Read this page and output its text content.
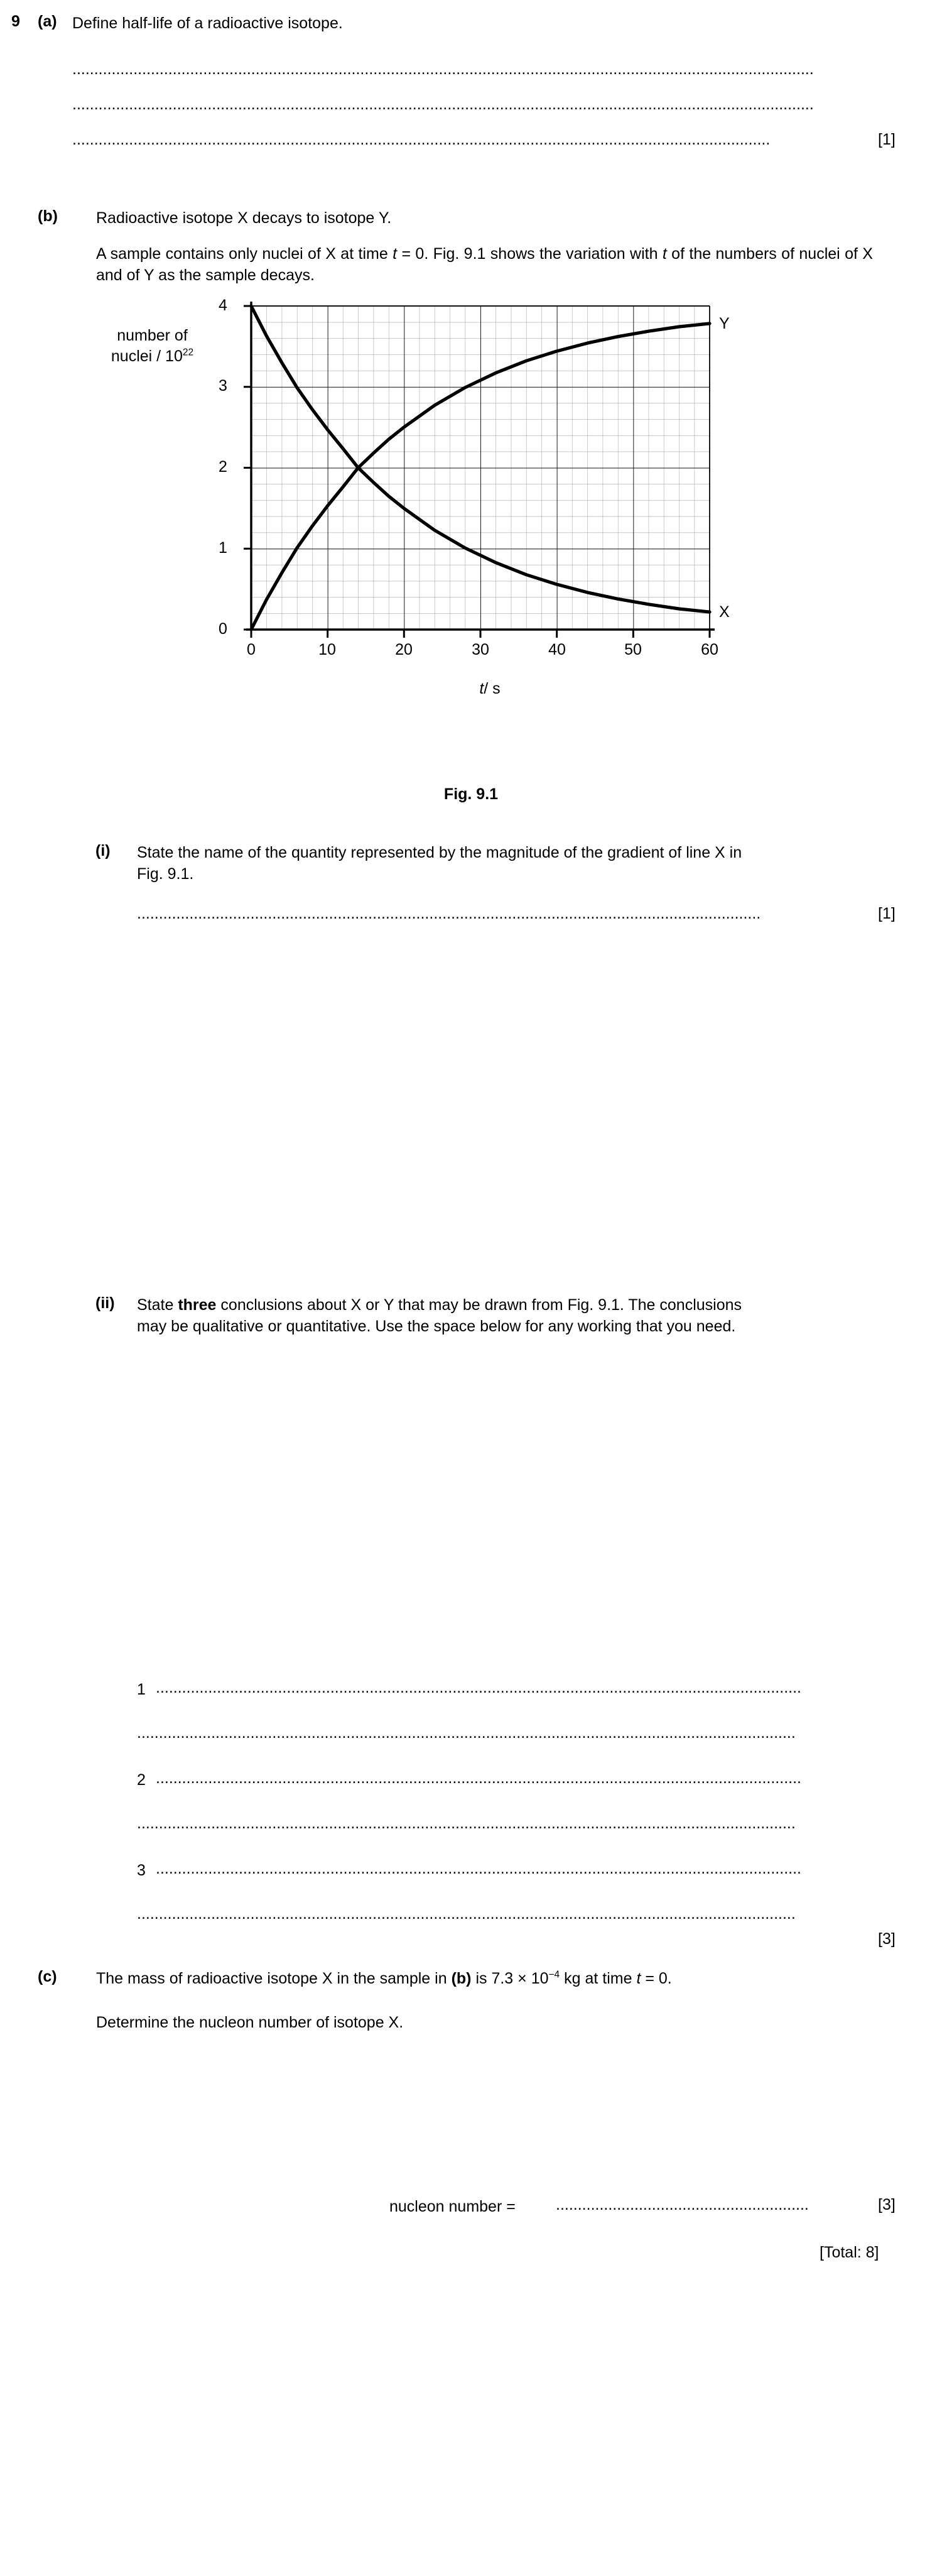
9 (a) Define half-life of a radioactive isotope.
..........................................................................................................................................................................
..........................................................................................................................................................................
................................................................................................................................................................	[1]
(b) Radioactive isotope X decays to isotope Y.
A sample contains only nuclei of X at time t = 0. Fig. 9.1 shows the variation with t of the numbers of nuclei of X and of Y as the sample decays.
number of
nuclei / $10^{22}$
4
3
2
1
0
0	10	20	30	40	50	60
Y
X
t/ s
Fig. 9.1
(i) State the name of the quantity represented by the magnitude of the gradient of line X in
Fig. 9.1.
...............................................................................................................................................	[1]
(ii) State three conclusions about X or Y that may be drawn from Fig. 9.1. The conclusions
may be qualitative or quantitative. Use the space below for any working that you need.
1 ....................................................................................................................................................
.......................................................................................................................................................
2 ....................................................................................................................................................
.......................................................................................................................................................
3 ....................................................................................................................................................
.......................................................................................................................................................
[3]
(c) The mass of radioactive isotope X in the sample in (b) is $7.3 \times 10^{-4}$ kg at time t = 0.
Determine the nucleon number of isotope X.
nucleon number =	..........................................................	[3]
[Total: 8]
